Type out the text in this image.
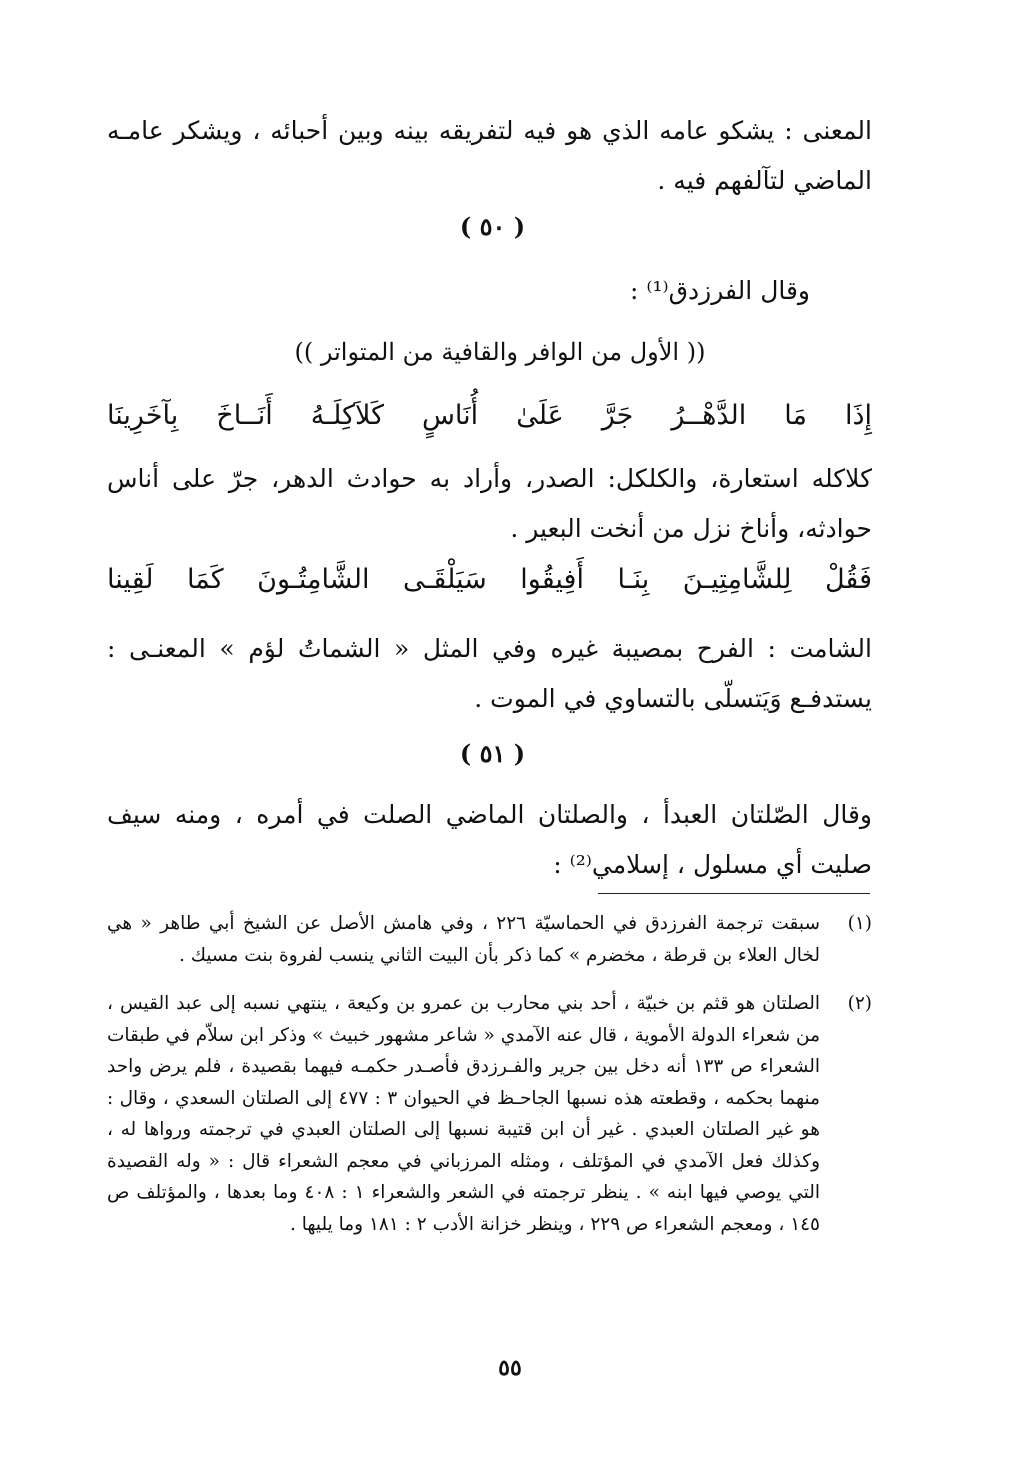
المعنى : يشكو عامه الذي هو فيه لتفريقه بينه وبين أحبائه ، ويشكر عامـه الماضي لتآلفهم فيه .
( ٥٠ )
وقال الفرزدق⁽¹⁾ :
(( الأول من الوافر والقافية من المتواتر ))
إِذَا
مَا
الدَّهْــرُ
جَرَّ
عَلَىٰ
أُنَاسٍ
كَلاَكِلَـهُ
أَنَــاخَ
بِآخَرِينَا
كلاكله استعارة، والكلكل: الصدر، وأراد به حوادث الدهر، جرّ على أناس حوادثه، وأناخ نزل من أنخت البعير .
فَقُلْ
لِلشَّامِتِيـنَ
بِنَـا
أَفِيقُوا
سَيَلْقَـى
الشَّامِتُـونَ
كَمَا
لَقِينا
الشامت : الفرح بمصيبة غيره وفي المثل « الشماتُ لؤم » المعنـى : يستدفـع وَيَتسلّى بالتساوي في الموت .
( ٥١ )
وقال الصّلتان العبدأ ، والصلتان الماضي الصلت في أمره ، ومنه سيف صليت أي مسلول ، إسلامي⁽²⁾ :
(١)
سبقت ترجمة الفرزدق في الحماسيّة ٢٢٦ ، وفي هامش الأصل عن الشيخ أبي طاهر « هي لخال العلاء بن قرطة ، مخضرم » كما ذكر بأن البيت الثاني ينسب لفروة بنت مسيك .
(٢)
الصلتان هو قثم بن خبيّة ، أحد بني محارب بن عمرو بن وكيعة ، ينتهي نسبه إلى عبد القيس ، من شعراء الدولة الأموية ، قال عنه الآمدي « شاعر مشهور خبيث » وذكر ابن سلاّم في طبقات الشعراء ص ١٣٣ أنه دخل بين جرير والفـرزدق فأصـدر حكمـه فيهما بقصيدة ، فلم يرض واحد منهما بحكمه ، وقطعته هذه نسبها الجاحـظ في الحيوان ٣ : ٤٧٧ إلى الصلتان السعدي ، وقال : هو غير الصلتان العبدي . غير أن ابن قتيبة نسبها إلى الصلتان العبدي في ترجمته ورواها له ، وكذلك فعل الآمدي في المؤتلف ، ومثله المرزباني في معجم الشعراء قال : « وله القصيدة التي يوصي فيها ابنه » . ينظر ترجمته في الشعر والشعراء ١ : ٤٠٨ وما بعدها ، والمؤتلف ص ١٤٥ ، ومعجم الشعراء ص ٢٢٩ ، وينظر خزانة الأدب ٢ : ١٨١ وما يليها .
٥٥
